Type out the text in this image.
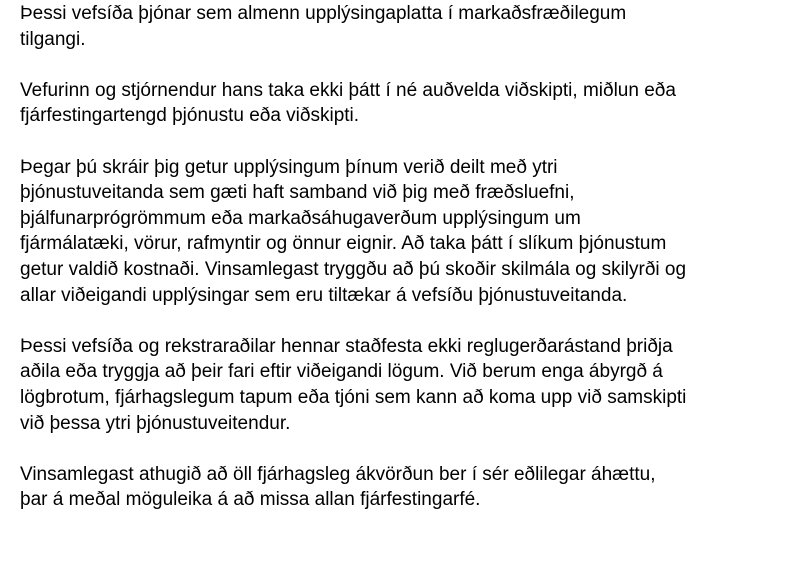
Þessi vefsíða þjónar sem almenn upplýsingaplatta í markaðsfræðilegum
tilgangi.

Vefurinn og stjórnendur hans taka ekki þátt í né auðvelda viðskipti, miðlun eða
fjárfestingartengd þjónustu eða viðskipti.

Þegar þú skráir þig getur upplýsingum þínum verið deilt með ytri
þjónustuveitanda sem gæti haft samband við þig með fræðsluefni,
þjálfunarprógrömmum eða markaðsáhugaverðum upplýsingum um
fjármálatæki, vörur, rafmyntir og önnur eignir. Að taka þátt í slíkum þjónustum
getur valdið kostnaði. Vinsamlegast tryggðu að þú skoðir skilmála og skilyrði og
allar viðeigandi upplýsingar sem eru tiltækar á vefsíðu þjónustuveitanda.

Þessi vefsíða og rekstraraðilar hennar staðfesta ekki reglugerðarástand þriðja
aðila eða tryggja að þeir fari eftir viðeigandi lögum. Við berum enga ábyrgð á
lögbrotum, fjárhagslegum tapum eða tjóni sem kann að koma upp við samskipti
við þessa ytri þjónustuveitendur.

Vinsamlegast athugið að öll fjárhagsleg ákvörðun ber í sér eðlilegar áhættu,
þar á meðal möguleika á að missa allan fjárfestingarfé.
